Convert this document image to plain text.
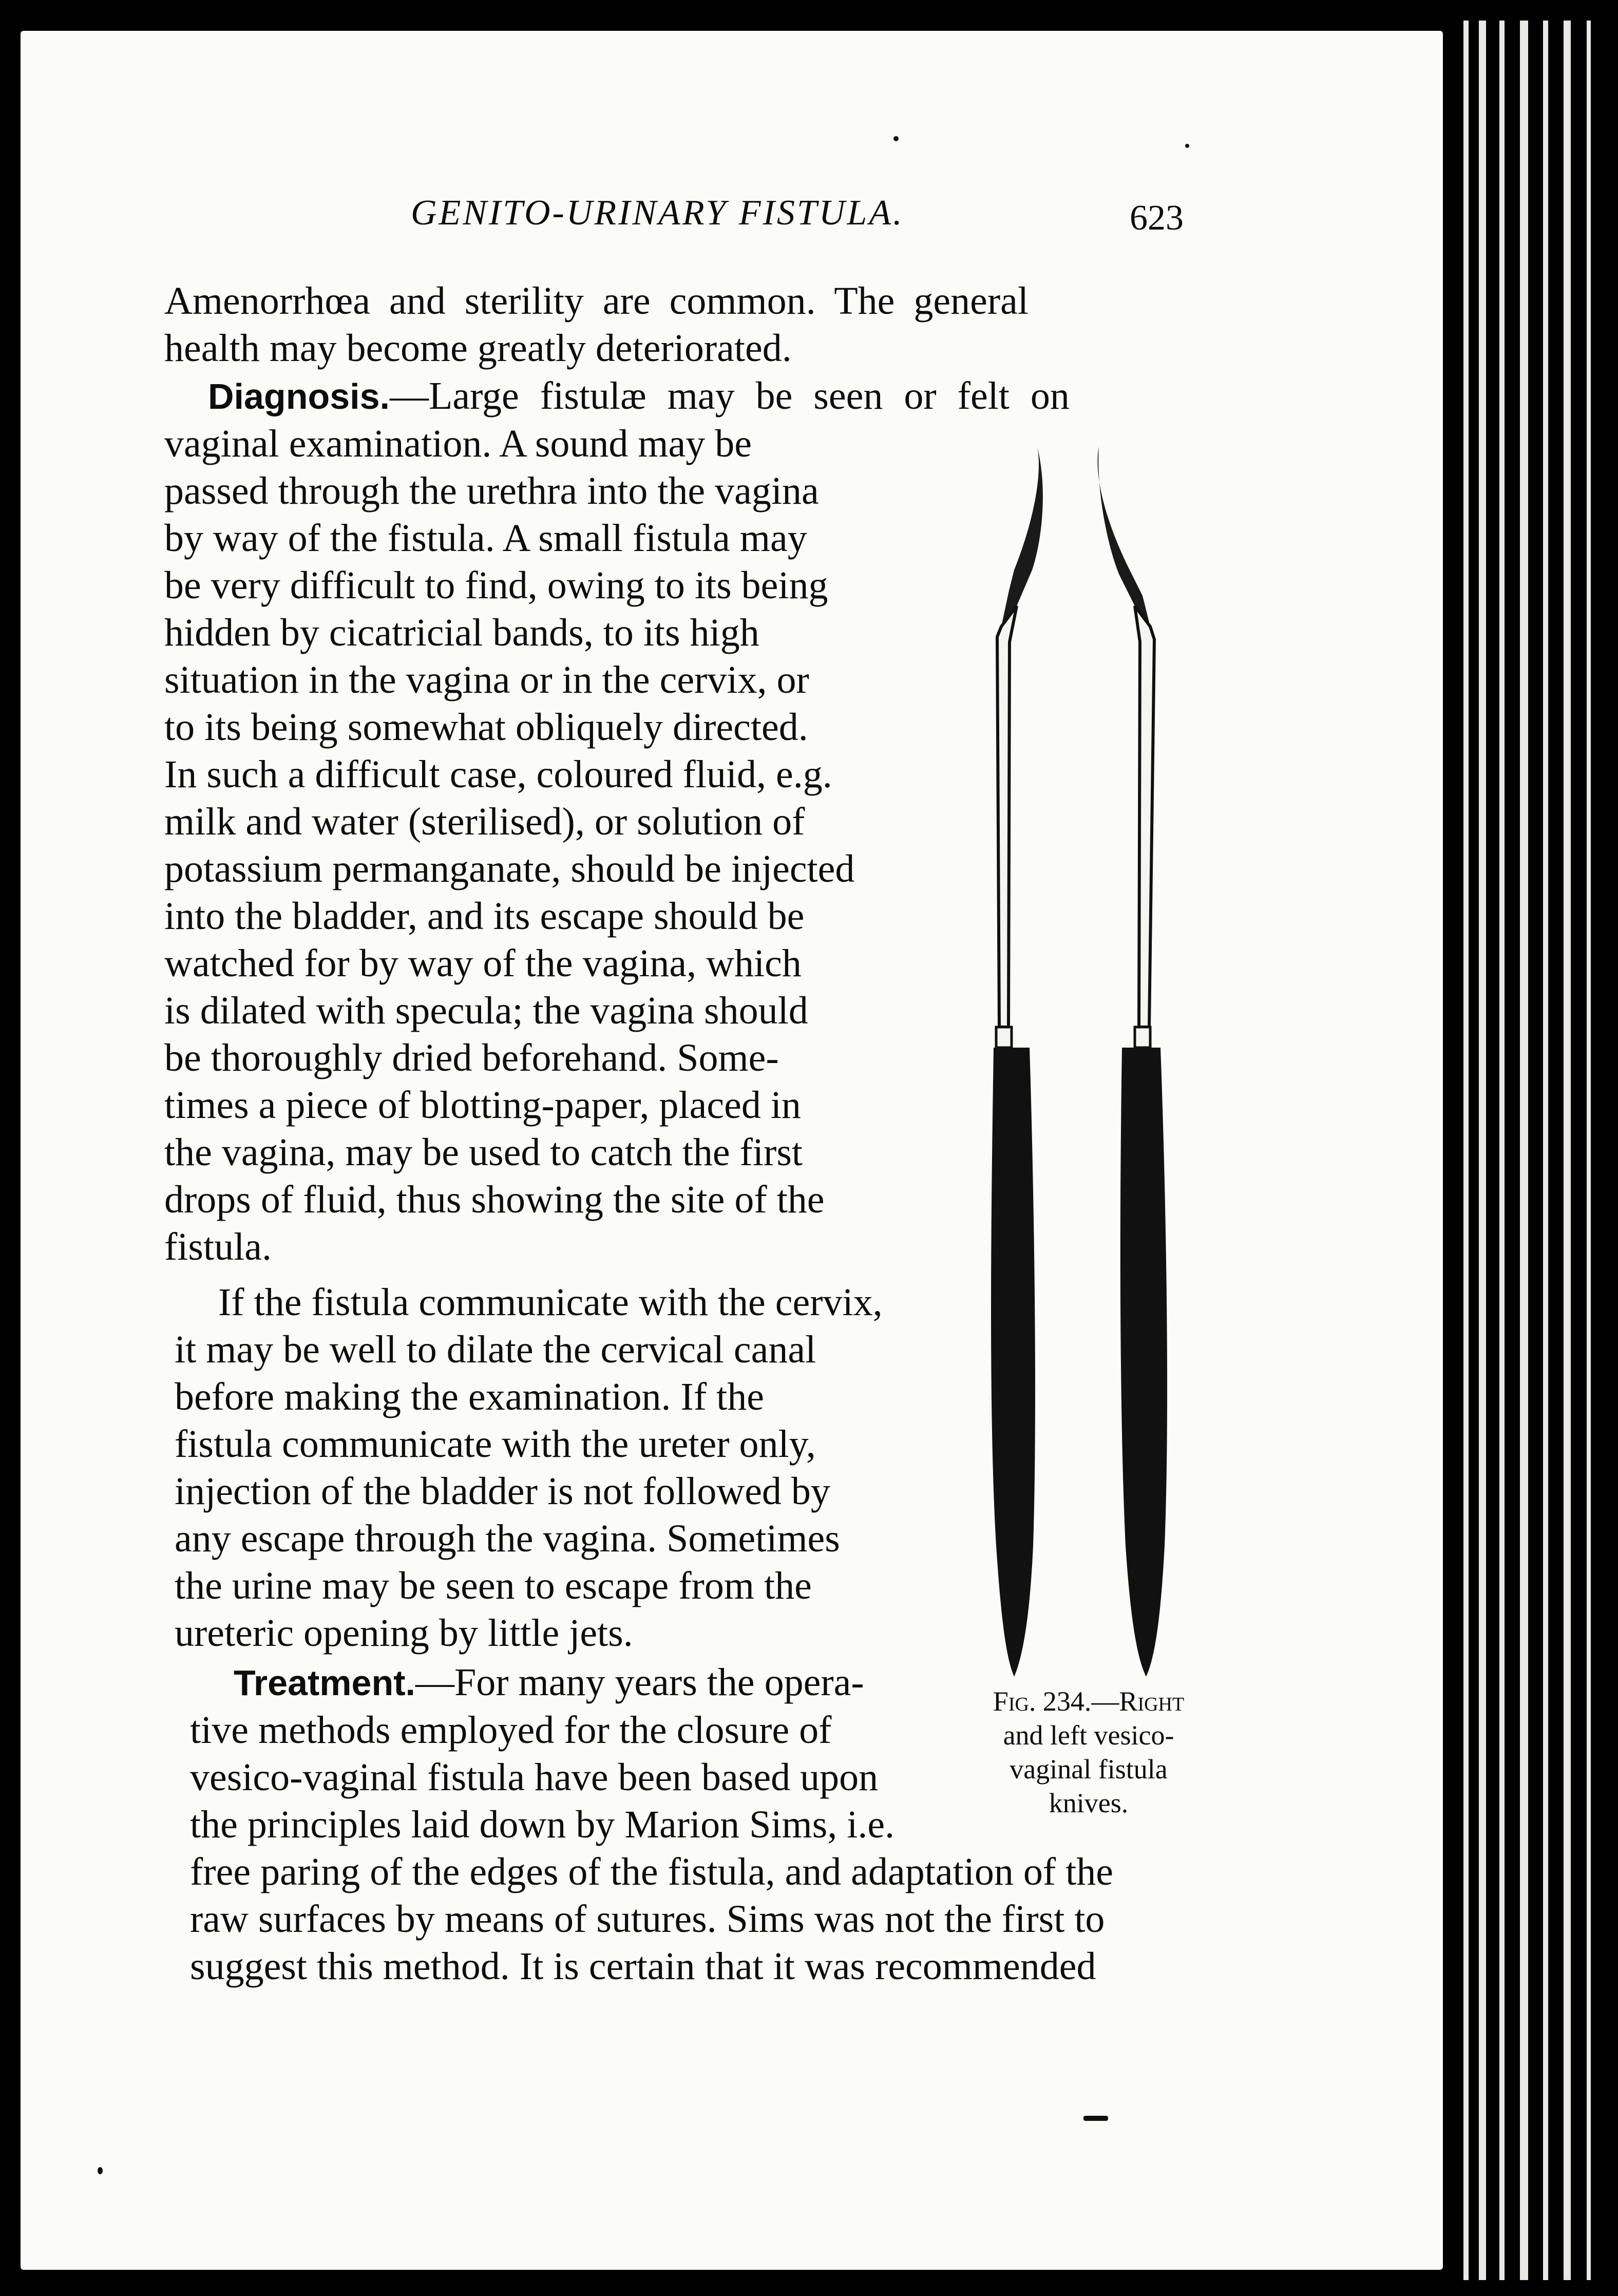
GENITO-URINARY FISTULA.	623
Amenorrhœa and sterility are common. The general
health may become greatly deteriorated.
Diagnosis.—Large fistulæ may be seen or felt on
vaginal examination. A sound may be
passed through the urethra into the vagina
by way of the fistula. A small fistula may
be very difficult to find, owing to its being
hidden by cicatricial bands, to its high
situation in the vagina or in the cervix, or
to its being somewhat obliquely directed.
In such a difficult case, coloured fluid, e.g.
milk and water (sterilised), or solution of
potassium permanganate, should be injected
into the bladder, and its escape should be
watched for by way of the vagina, which
is dilated with specula; the vagina should
be thoroughly dried beforehand. Some-
times a piece of blotting-paper, placed in
the vagina, may be used to catch the first
drops of fluid, thus showing the site of the
fistula.
If the fistula communicate with the cervix,
it may be well to dilate the cervical canal
before making the examination. If the
fistula communicate with the ureter only,
injection of the bladder is not followed by
any escape through the vagina. Sometimes
the urine may be seen to escape from the
ureteric opening by little jets.
Treatment.—For many years the opera-
tive methods employed for the closure of
vesico-vaginal fistula have been based upon
the principles laid down by Marion Sims, i.e.
free paring of the edges of the fistula, and adaptation of the
raw surfaces by means of sutures. Sims was not the first to
suggest this method. It is certain that it was recommended
Fig. 234.—Right
and left vesico-
vaginal fistula
knives.
